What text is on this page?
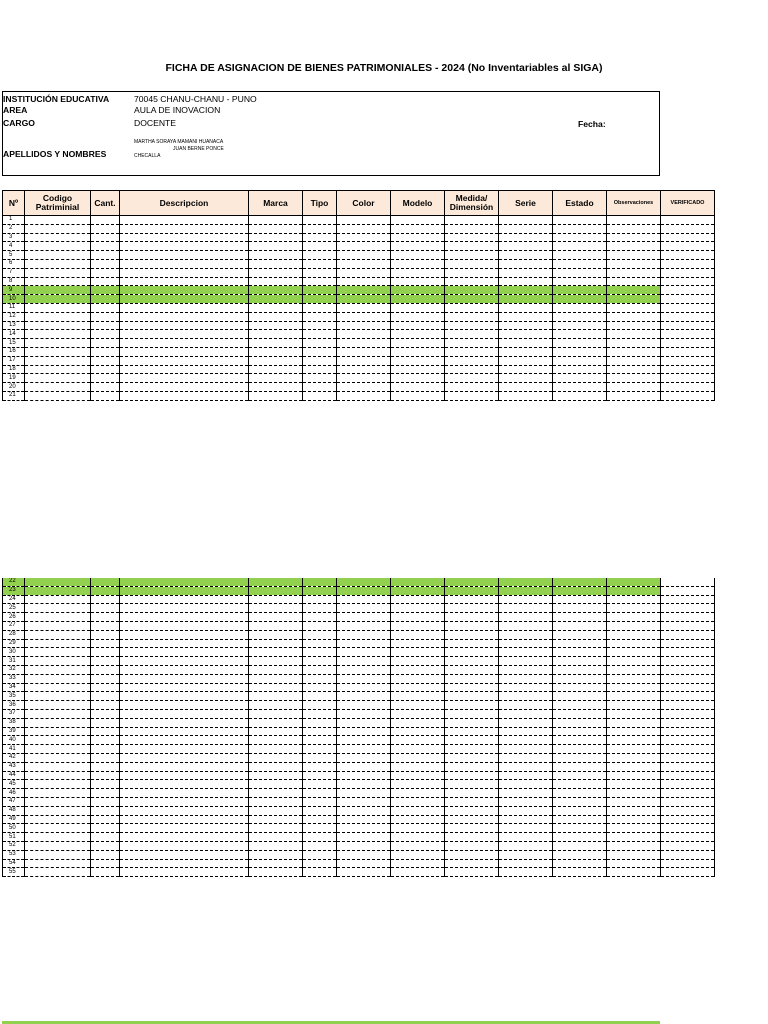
FICHA DE ASIGNACION DE BIENES PATRIMONIALES - 2024 (No Inventariables al SIGA)
INSTITUCIÓN EDUCATIVA	70045 CHANU-CHANU - PUNO
AREA	AULA DE INOVACION
CARGO	DOCENTE	Fecha:
MARTHA SORAYA MAMANI HUANACA
JUAN BERNE PONCE
CHECALLA
APELLIDOS Y NOMBRES
Nº	Codigo Patriminial	Cant.	Descripcion	Marca	Tipo	Color	Modelo	Medida/ Dimensión	Serie	Estado	Observaciones	VERIFICADO
1												
2												
3												
4												
5												
6												
7												
8												
9												
10												
11												
12												
13												
14												
15												
16												
17												
18												
19												
20												
21												
22												
23												
24												
25												
26												
27												
28												
29												
30												
31												
32												
33												
34												
35												
36												
37												
38												
39												
40												
41												
42												
43												
44												
45												
46												
47												
48												
49												
50												
51												
52												
53												
54												
55												
